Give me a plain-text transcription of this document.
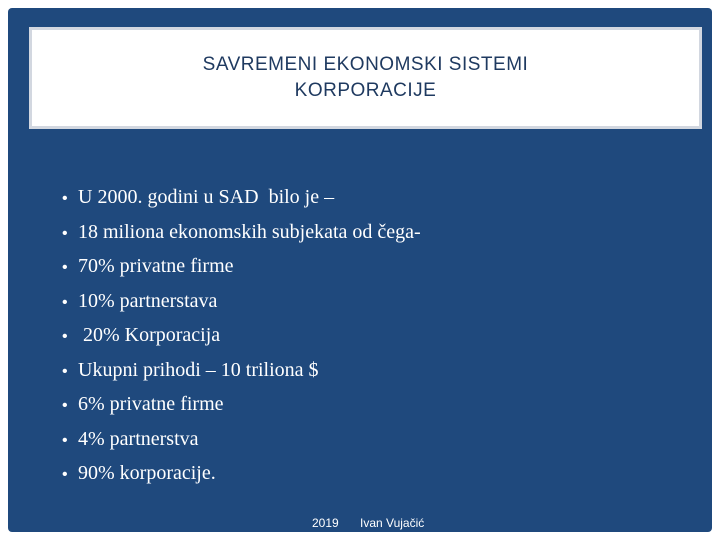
SAVREMENI EKONOMSKI SISTEMI
KORPORACIJE
• U 2000. godini u SAD  bilo je –
• 18 miliona ekonomskih subjekata od čega-
• 70% privatne firme
• 10% partnerstava
• 20% Korporacija
• Ukupni prihodi – 10 triliona $
• 6% privatne firme
• 4% partnerstva
• 90% korporacije.
2019 Ivan Vujačić
